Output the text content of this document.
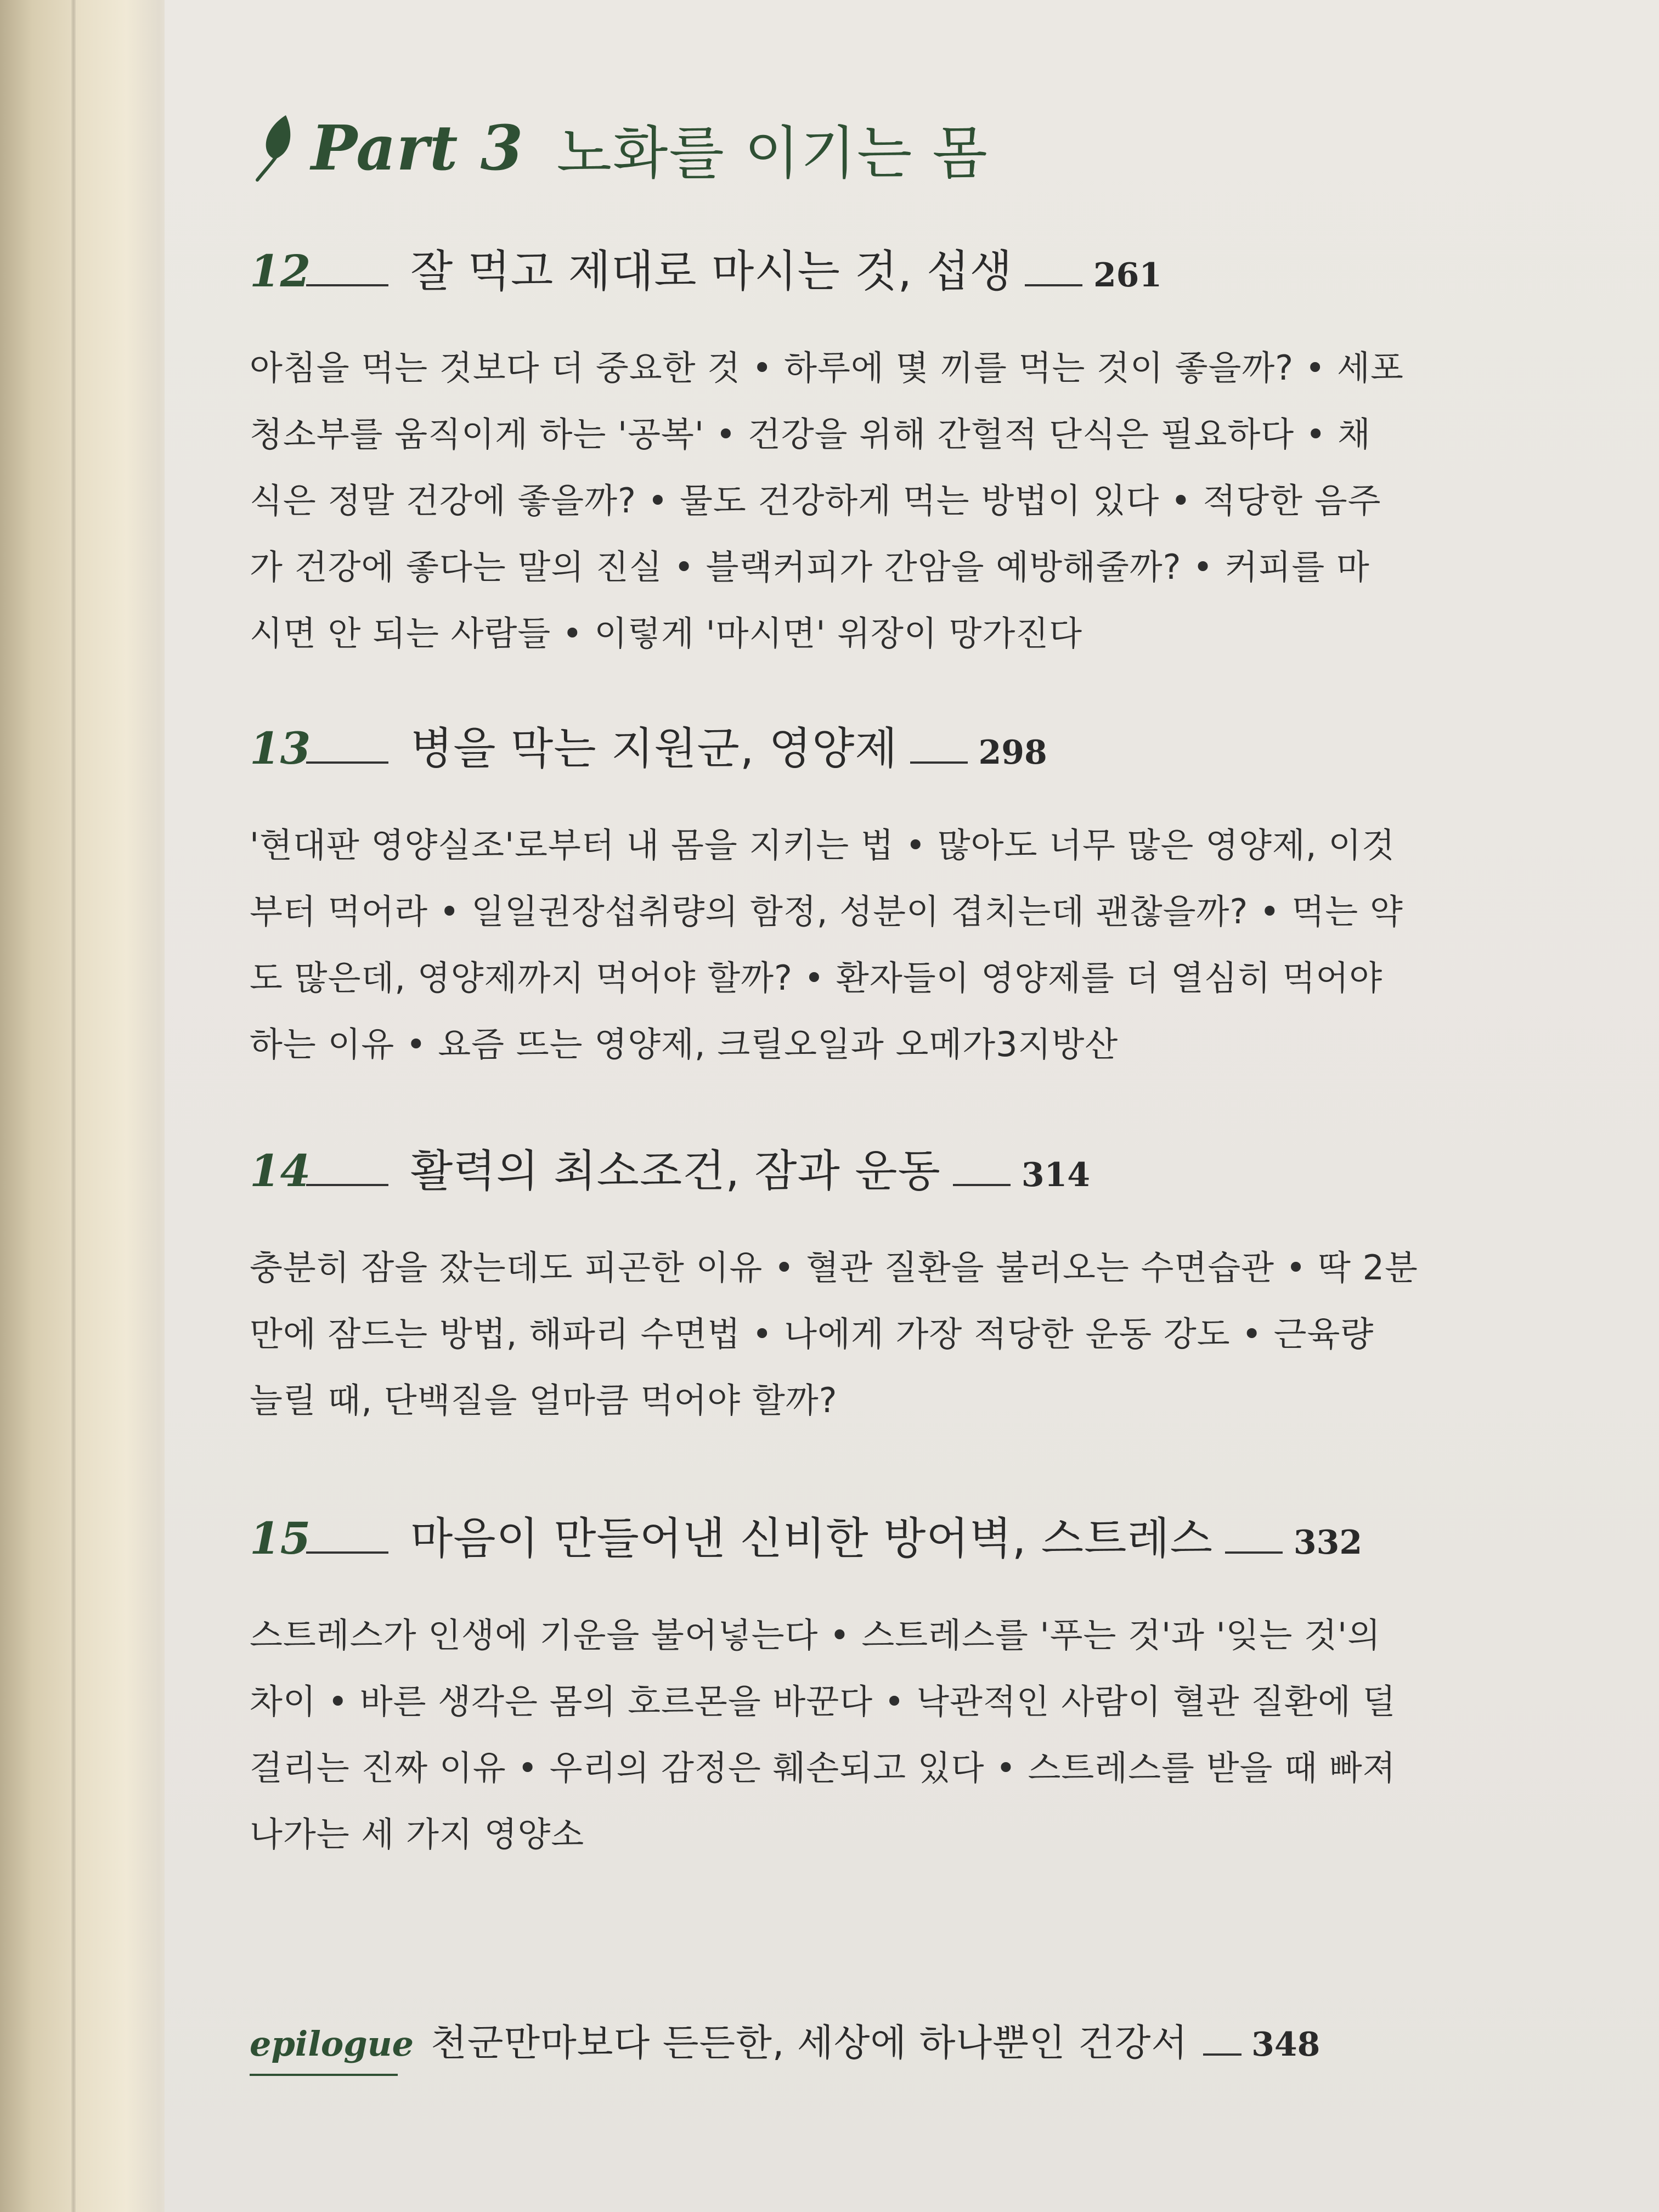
Part 3 노화를 이기는 몸
12 잘 먹고 제대로 마시는 것, 섭생 261
아침을 먹는 것보다 더 중요한 것 • 하루에 몇 끼를 먹는 것이 좋을까? • 세포
청소부를 움직이게 하는 '공복' • 건강을 위해 간헐적 단식은 필요하다 • 채
식은 정말 건강에 좋을까? • 물도 건강하게 먹는 방법이 있다 • 적당한 음주
가 건강에 좋다는 말의 진실 • 블랙커피가 간암을 예방해줄까? • 커피를 마
시면 안 되는 사람들 • 이렇게 '마시면' 위장이 망가진다
13 병을 막는 지원군, 영양제 298
'현대판 영양실조'로부터 내 몸을 지키는 법 • 많아도 너무 많은 영양제, 이것
부터 먹어라 • 일일권장섭취량의 함정, 성분이 겹치는데 괜찮을까? • 먹는 약
도 많은데, 영양제까지 먹어야 할까? • 환자들이 영양제를 더 열심히 먹어야
하는 이유 • 요즘 뜨는 영양제, 크릴오일과 오메가3지방산
14 활력의 최소조건, 잠과 운동 314
충분히 잠을 잤는데도 피곤한 이유 • 혈관 질환을 불러오는 수면습관 • 딱 2분
만에 잠드는 방법, 해파리 수면법 • 나에게 가장 적당한 운동 강도 • 근육량
늘릴 때, 단백질을 얼마큼 먹어야 할까?
15 마음이 만들어낸 신비한 방어벽, 스트레스 332
스트레스가 인생에 기운을 불어넣는다 • 스트레스를 '푸는 것'과 '잊는 것'의
차이 • 바른 생각은 몸의 호르몬을 바꾼다 • 낙관적인 사람이 혈관 질환에 덜
걸리는 진짜 이유 • 우리의 감정은 훼손되고 있다 • 스트레스를 받을 때 빠져
나가는 세 가지 영양소
epilogue 천군만마보다 든든한, 세상에 하나뿐인 건강서 348
